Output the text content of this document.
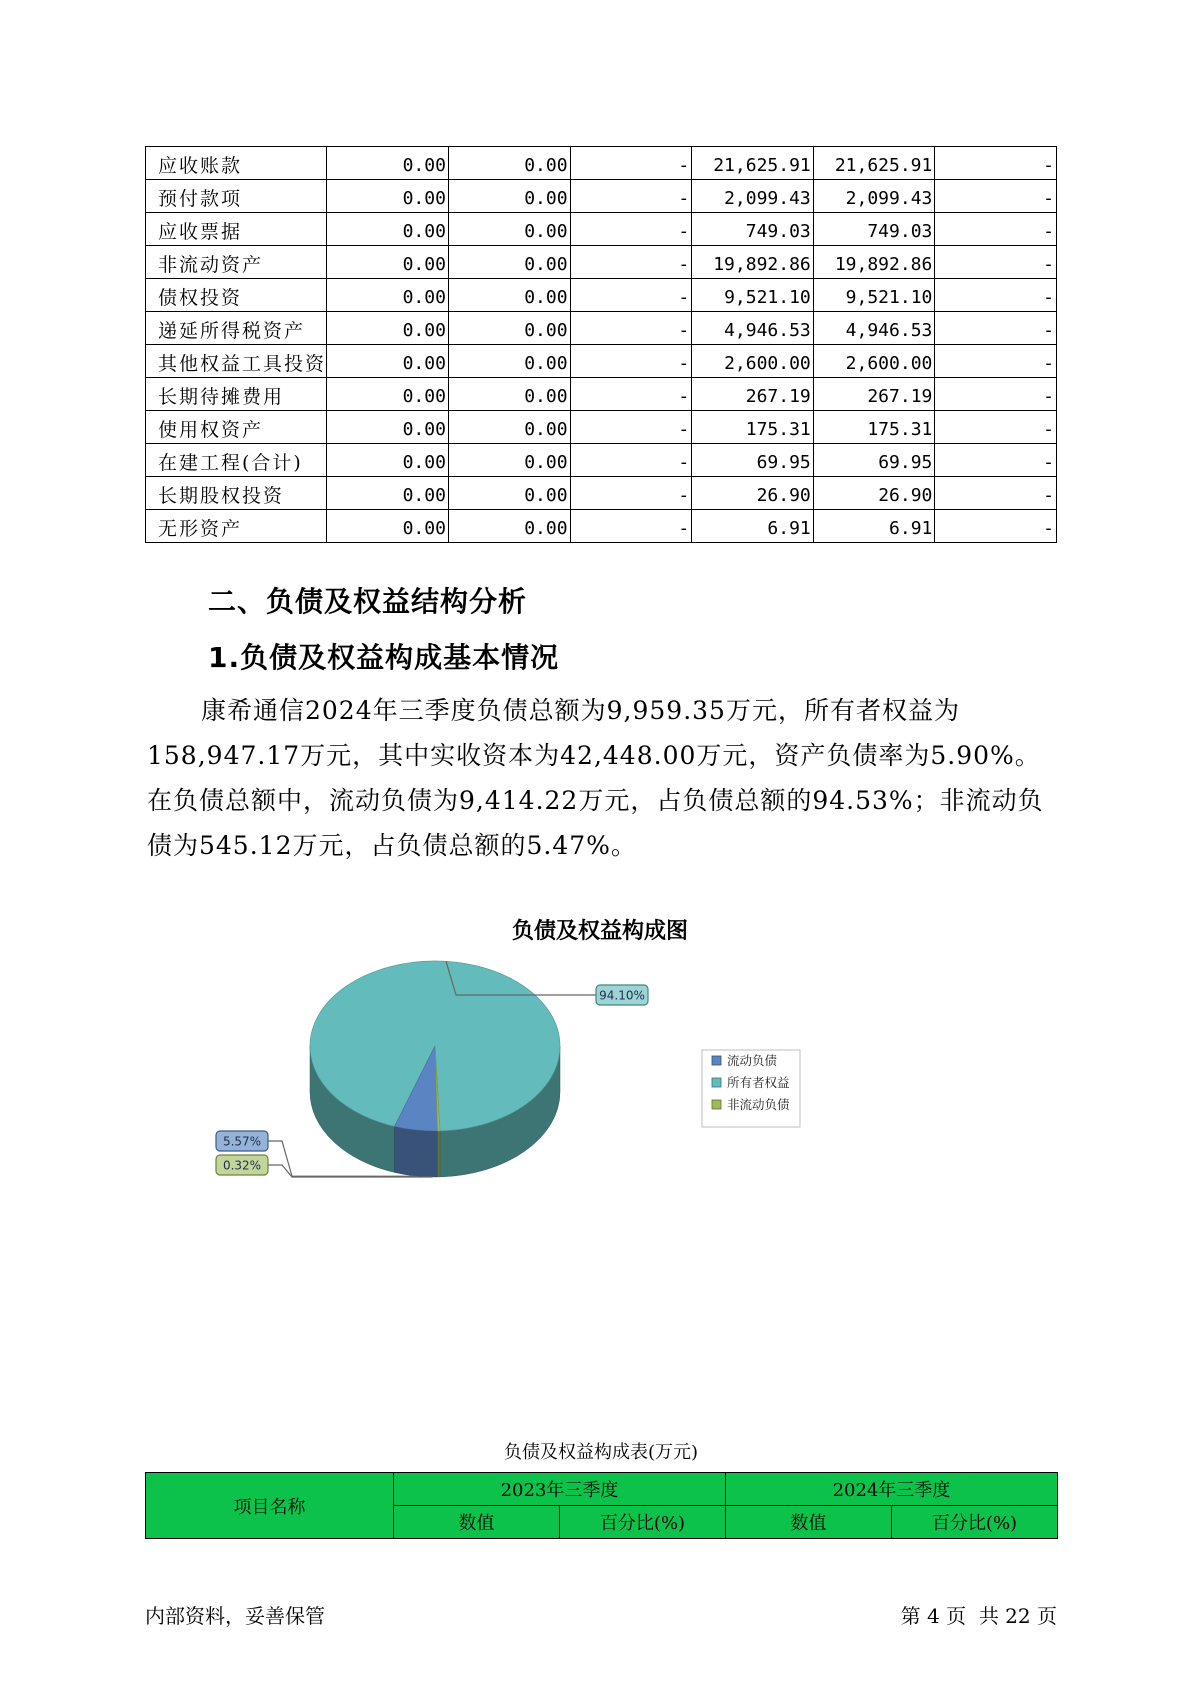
应收账款	0.00	0.00	-	21,625.91	21,625.91	-
预付款项	0.00	0.00	-	2,099.43	2,099.43	-
应收票据	0.00	0.00	-	749.03	749.03	-
非流动资产	0.00	0.00	-	19,892.86	19,892.86	-
债权投资	0.00	0.00	-	9,521.10	9,521.10	-
递延所得税资产	0.00	0.00	-	4,946.53	4,946.53	-
其他权益工具投资	0.00	0.00	-	2,600.00	2,600.00	-
长期待摊费用	0.00	0.00	-	267.19	267.19	-
使用权资产	0.00	0.00	-	175.31	175.31	-
在建工程(合计)	0.00	0.00	-	69.95	69.95	-
长期股权投资	0.00	0.00	-	26.90	26.90	-
无形资产	0.00	0.00	-	6.91	6.91	-
二、负债及权益结构分析
1.负债及权益构成基本情况

康希通信2024年三季度负债总额为9,959.35万元，所有者权益为158,947.17万元，其中实收资本为42,448.00万元，资产负债率为5.90%。在负债总额中，流动负债为9,414.22万元，占负债总额的94.53%；非流动负债为545.12万元，占负债总额的5.47%。

负债及权益构成图
94.10%
5.57%
0.32%
流动负债
所有者权益
非流动负债
负债及权益构成表(万元)
项目名称	2023年三季度		2024年三季度	
	数值	百分比(%)	数值	百分比(%)
内部资料，妥善保管	第 4 页  共 22 页
